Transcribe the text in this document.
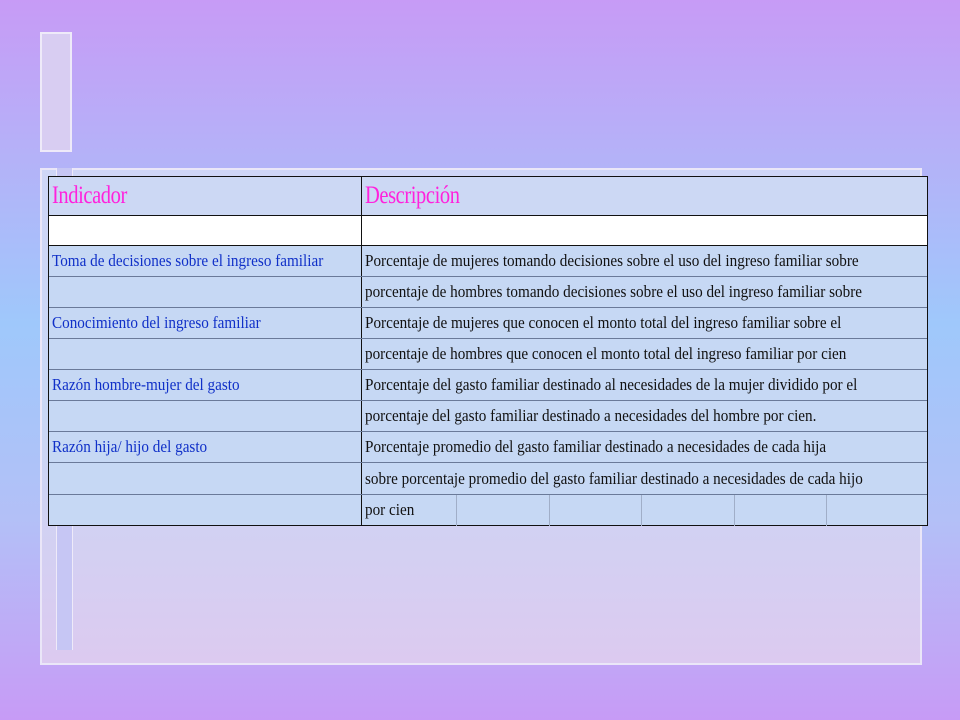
Indicador	Descripción
Toma de decisiones sobre el ingreso familiar	Porcentaje de mujeres tomando decisiones sobre el uso del ingreso familiar sobre
porcentaje de hombres tomando decisiones sobre el uso del ingreso familiar sobre
Conocimiento del ingreso familiar	Porcentaje de mujeres que conocen el monto total del ingreso familiar sobre el
porcentaje de hombres que conocen el monto total del ingreso familiar por cien
Razón hombre-mujer del gasto	Porcentaje del gasto familiar destinado al necesidades de la mujer dividido por el
porcentaje del gasto familiar destinado a necesidades del hombre por cien.
Razón hija/ hijo del gasto	Porcentaje promedio del gasto familiar destinado a necesidades de cada hija
sobre porcentaje promedio del gasto familiar destinado a necesidades de cada hijo
por cien
